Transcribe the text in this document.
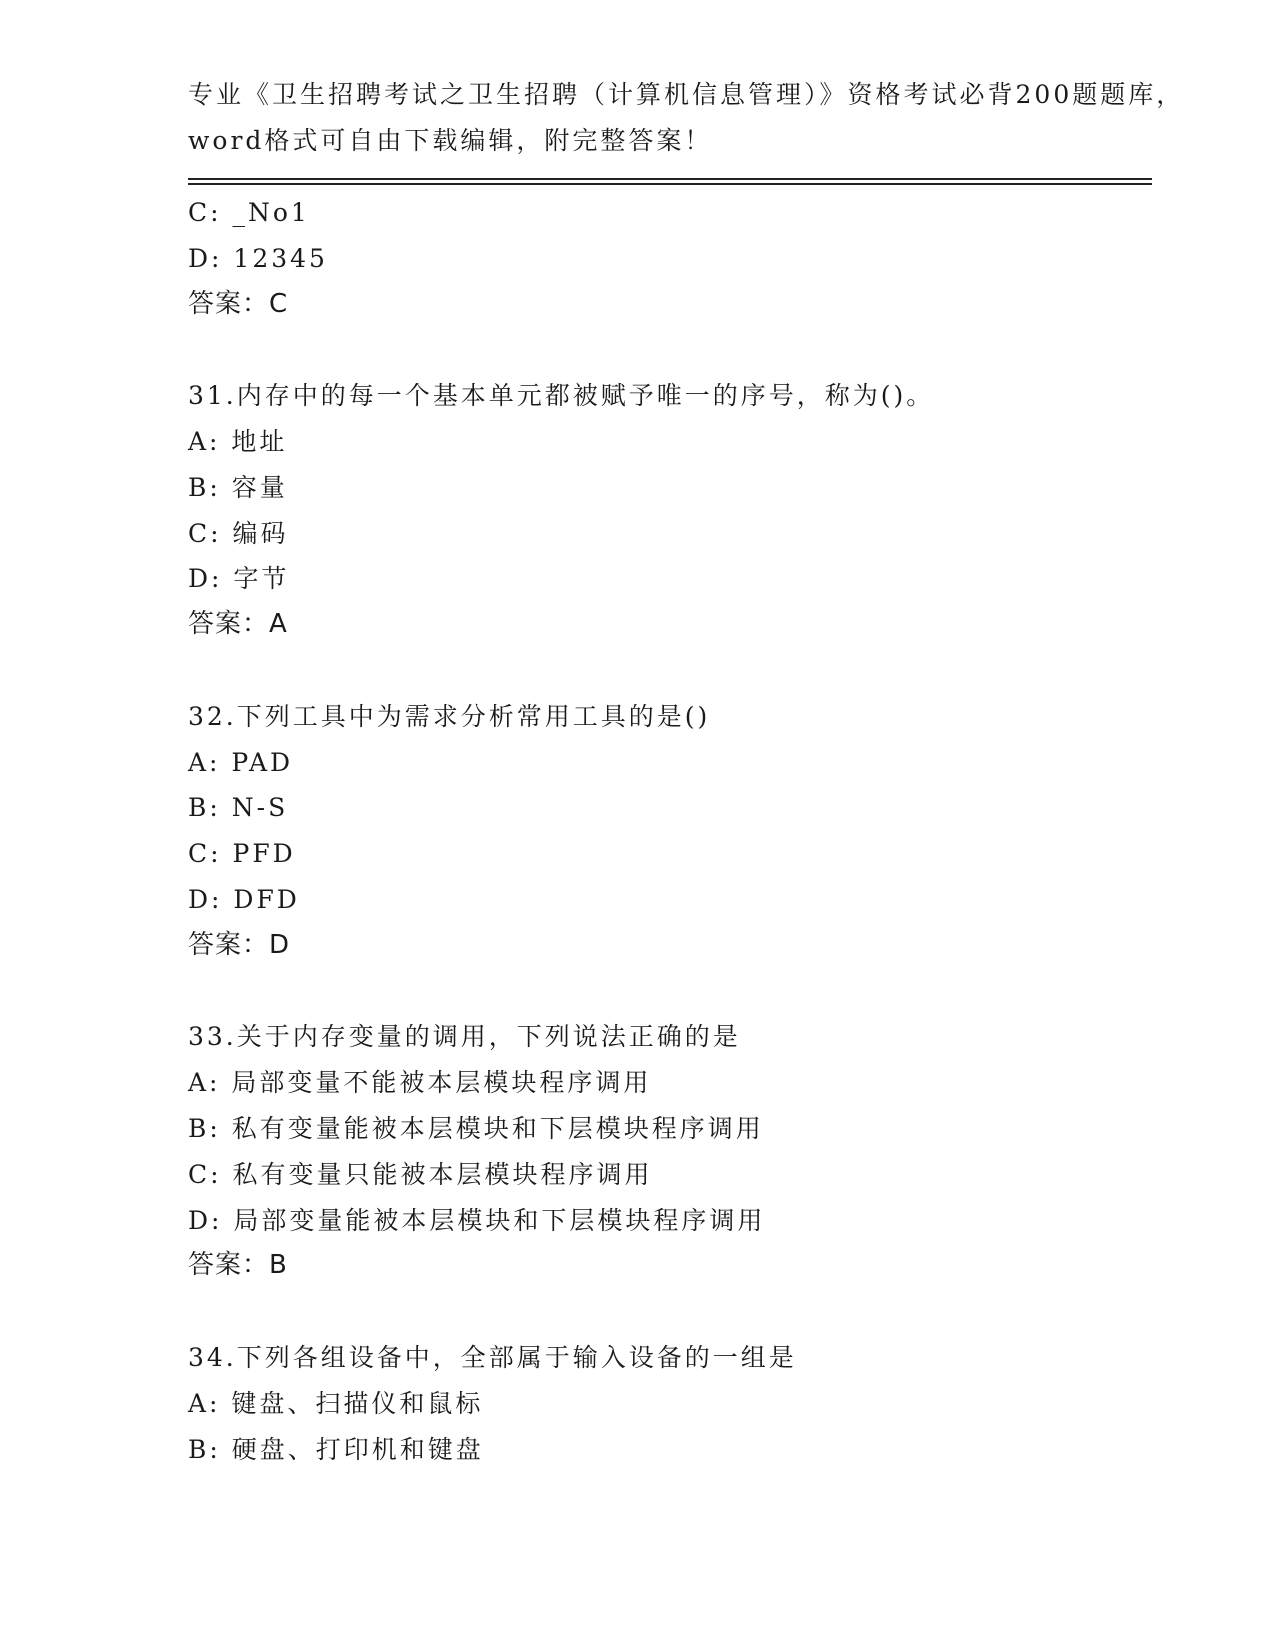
专业《卫生招聘考试之卫生招聘（计算机信息管理）》资格考试必背200题题库，
word格式可自由下载编辑，附完整答案！
C: _No1
D: 12345
答案：C
31.内存中的每一个基本单元都被赋予唯一的序号，称为()。
A: 地址
B: 容量
C: 编码
D: 字节
答案：A
32.下列工具中为需求分析常用工具的是()
A: PAD
B: N-S
C: PFD
D: DFD
答案：D
33.关于内存变量的调用，下列说法正确的是
A: 局部变量不能被本层模块程序调用
B: 私有变量能被本层模块和下层模块程序调用
C: 私有变量只能被本层模块程序调用
D: 局部变量能被本层模块和下层模块程序调用
答案：B
34.下列各组设备中，全部属于输入设备的一组是
A: 键盘、扫描仪和鼠标
B: 硬盘、打印机和键盘
